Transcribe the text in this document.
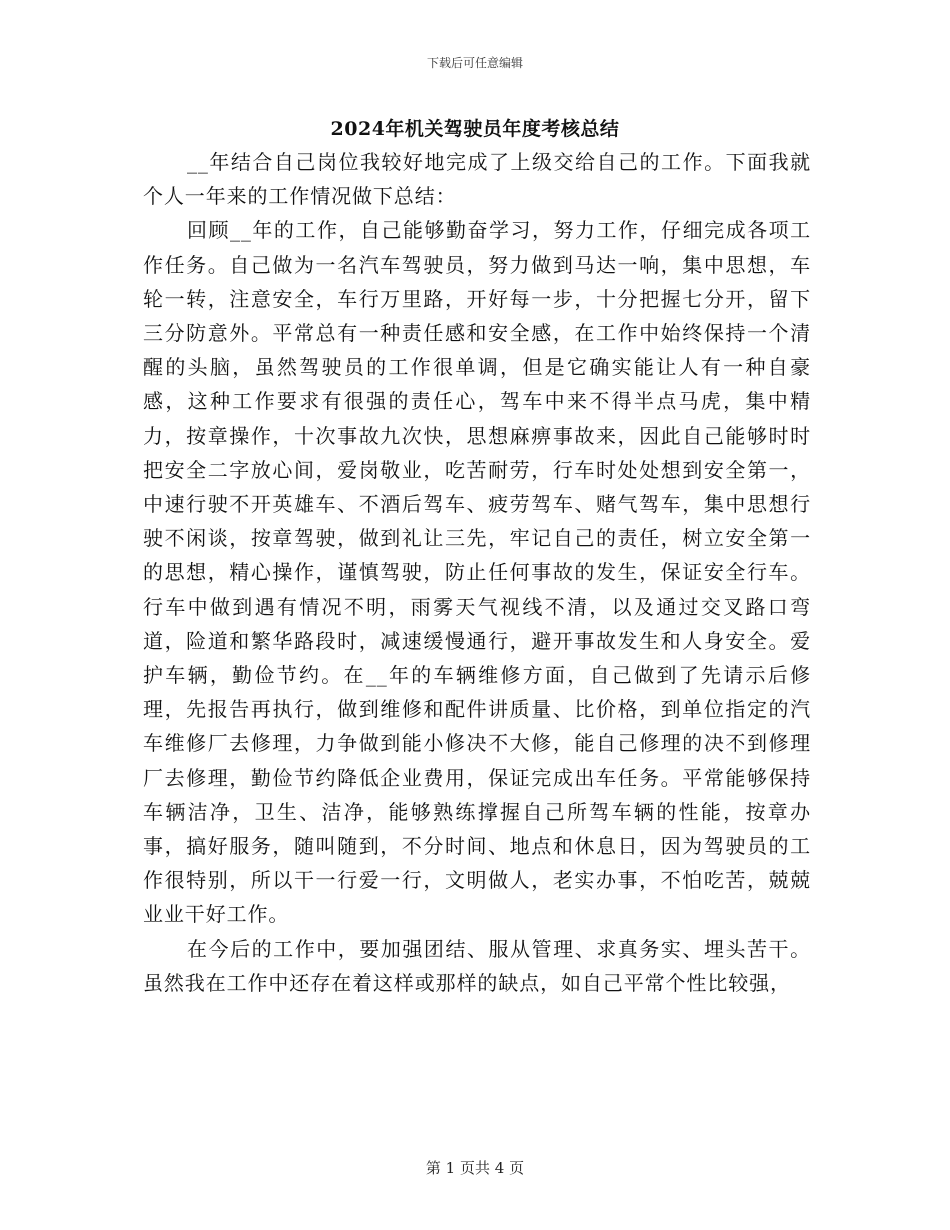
下载后可任意编辑
2024年机关驾驶员年度考核总结

__年结合自己岗位我较好地完成了上级交给自己的工作。下面我就个人一年来的工作情况做下总结：

回顾__年的工作，自己能够勤奋学习，努力工作，仔细完成各项工作任务。自己做为一名汽车驾驶员，努力做到马达一响，集中思想，车轮一转，注意安全，车行万里路，开好每一步，十分把握七分开，留下三分防意外。平常总有一种责任感和安全感，在工作中始终保持一个清醒的头脑，虽然驾驶员的工作很单调，但是它确实能让人有一种自豪感，这种工作要求有很强的责任心，驾车中来不得半点马虎，集中精力，按章操作，十次事故九次快，思想麻痹事故来，因此自己能够时时把安全二字放心间，爱岗敬业，吃苦耐劳，行车时处处想到安全第一，中速行驶不开英雄车、不酒后驾车、疲劳驾车、赌气驾车，集中思想行驶不闲谈，按章驾驶，做到礼让三先，牢记自己的责任，树立安全第一的思想，精心操作，谨慎驾驶，防止任何事故的发生，保证安全行车。行车中做到遇有情况不明，雨雾天气视线不清，以及通过交叉路口弯道，险道和繁华路段时，减速缓慢通行，避开事故发生和人身安全。爱护车辆，勤俭节约。在__年的车辆维修方面，自己做到了先请示后修理，先报告再执行，做到维修和配件讲质量、比价格，到单位指定的汽车维修厂去修理，力争做到能小修决不大修，能自己修理的决不到修理厂去修理，勤俭节约降低企业费用，保证完成出车任务。平常能够保持车辆洁净，卫生、洁净，能够熟练撑握自己所驾车辆的性能，按章办事，搞好服务，随叫随到，不分时间、地点和休息日，因为驾驶员的工作很特别，所以干一行爱一行，文明做人，老实办事，不怕吃苦，兢兢业业干好工作。

在今后的工作中，要加强团结、服从管理、求真务实、埋头苦干。虽然我在工作中还存在着这样或那样的缺点，如自己平常个性比较强，

第 1 页共 4 页
